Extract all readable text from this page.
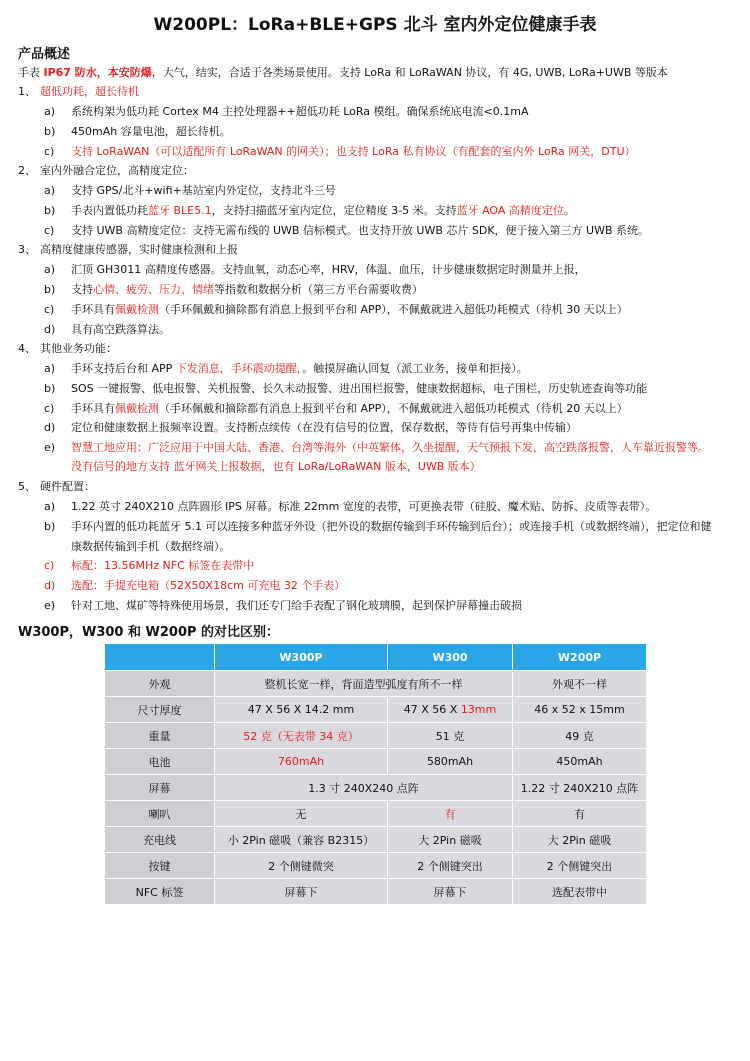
W200PL：LoRa+BLE+GPS 北斗 室内外定位健康手表
产品概述
手表 IP67 防水，本安防爆，大气，结实，合适于各类场景使用。支持 LoRa 和 LoRaWAN 协议，有 4G, UWB, LoRa+UWB 等版本
1、 超低功耗，超长待机
a) 系统构架为低功耗 Cortex M4 主控处理器++超低功耗 LoRa 模组。确保系统底电流<0.1mA
b) 450mAh 容量电池，超长待机。
c) 支持 LoRaWAN（可以适配所有 LoRaWAN 的网关）；也支持 LoRa 私有协议（有配套的室内外 LoRa 网关，DTU）
2、 室内外融合定位，高精度定位：
a) 支持 GPS/北斗+wifi+基站室内外定位，支持北斗三号
b) 手表内置低功耗蓝牙 BLE5.1，支持扫描蓝牙室内定位，定位精度 3-5 米。支持蓝牙 AOA 高精度定位。
c) 支持 UWB 高精度定位：支持无需布线的 UWB 信标模式。也支持开放 UWB 芯片 SDK，便于接入第三方 UWB 系统。
3、 高精度健康传感器，实时健康检测和上报
a) 汇顶 GH3011 高精度传感器。支持血氧，动态心率，HRV，体温、血压，计步健康数据定时测量并上报，
b) 支持心情、疲劳、压力、情绪等指数和数据分析（第三方平台需要收费）
c) 手环具有佩戴检测（手环佩戴和摘除都有消息上报到平台和 APP），不佩戴就进入超低功耗模式（待机 30 天以上）
d) 具有高空跌落算法。
4、 其他业务功能：
a) 手环支持后台和 APP 下发消息，手环震动提醒，。触摸屏确认回复（派工业务，接单和拒接）。
b) SOS 一键报警、低电报警、关机报警、长久未动报警、进出围栏报警，健康数据超标，电子围栏，历史轨迹查询等功能
c) 手环具有佩戴检测（手环佩戴和摘除都有消息上报到平台和 APP），不佩戴就进入超低功耗模式（待机 20 天以上）
d) 定位和健康数据上报频率设置。支持断点续传（在没有信号的位置，保存数据，等待有信号再集中传输）
e) 智慧工地应用：广泛应用于中国大陆、香港、台湾等海外（中英繁体，久坐提醒，天气预报下发，高空跌落报警，人车靠近报警等。
没有信号的地方支持 蓝牙网关上报数据，也有 LoRa/LoRaWAN 版本，UWB 版本）
5、 硬件配置：
a) 1.22 英寸 240X210 点阵圆形 IPS 屏幕。标准 22mm 宽度的表带，可更换表带（硅胶、魔术贴、防拆、皮质等表带）。
b) 手环内置的低功耗蓝牙 5.1 可以连接多种蓝牙外设（把外设的数据传输到手环传输到后台）；或连接手机（或数据终端），把定位和健
康数据传输到手机（数据终端）。
c) 标配：13.56MHz NFC 标签在表带中
d) 选配：手提充电箱（52X50X18cm 可充电 32 个手表）
e) 针对工地、煤矿等特殊使用场景，我们还专门给手表配了钢化玻璃膜，起到保护屏幕撞击破损
W300P，W300 和 W200P 的对比区别：
	W300P	W300	W200P
外观	整机长宽一样，背面造型弧度有所不一样		外观不一样
尺寸厚度	47 X 56 X 14.2 mm	47 X 56 X 13mm	46 x 52 x 15mm
重量	52 克（无表带 34 克）	51 克	49 克
电池	760mAh	580mAh	450mAh
屏幕	1.3 寸 240X240 点阵		1.22 寸 240X210 点阵
喇叭	无	有	有
充电线	小 2Pin 磁吸（兼容 B2315）	大 2Pin 磁吸	大 2Pin 磁吸
按键	2 个侧键微突	2 个侧键突出	2 个侧键突出
NFC 标签	屏幕下	屏幕下	选配表带中
